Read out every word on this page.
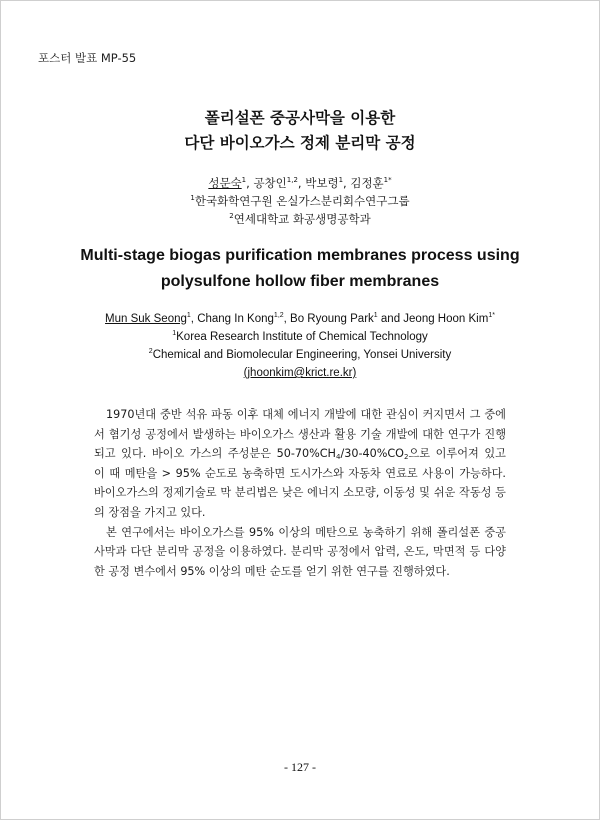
포스터 발표 MP-55
폴리설폰 중공사막을 이용한
다단 바이오가스 정제 분리막 공정
성문숙$^1$, 공창인$^{1,2}$, 박보령$^1$, 김정훈$^{1*}$
$^1$한국화학연구원 온실가스분리회수연구그룹
$^2$연세대학교 화공생명공학과
Multi-stage biogas purification membranes process using
polysulfone hollow fiber membranes
Mun Suk Seong$^1$, Chang In Kong$^{1,2}$, Bo Ryoung Park$^1$ and Jeong Hoon Kim$^{1*}$
$^1$Korea Research Institute of Chemical Technology
$^2$Chemical and Biomolecular Engineering, Yonsei University
(jhoonkim@krict.re.kr)

1970년대 중반 석유 파동 이후 대체 에너지 개발에 대한 관심이 커지면서 그 중에서 혐기성 공정에서 발생하는 바이오가스 생산과 활용 기술 개발에 대한 연구가 진행되고 있다. 바이오 가스의 주성분은 $50-70\%CH_4/30-40\%CO_2$으로 이루어져 있고 이 때 메탄을 > 95% 순도로 농축하면 도시가스와 자동차 연료로 사용이 가능하다. 바이오가스의 정제기술로 막 분리법은 낮은 에너지 소모량, 이동성 및 쉬운 작동성 등의 장점을 가지고 있다.

본 연구에서는 바이오가스를 95% 이상의 메탄으로 농축하기 위해 폴리설폰 중공사막과 다단 분리막 공정을 이용하였다. 분리막 공정에서 압력, 온도, 막면적 등 다양한 공정 변수에서 95% 이상의 메탄 순도를 얻기 위한 연구를 진행하였다.

- 127 -
